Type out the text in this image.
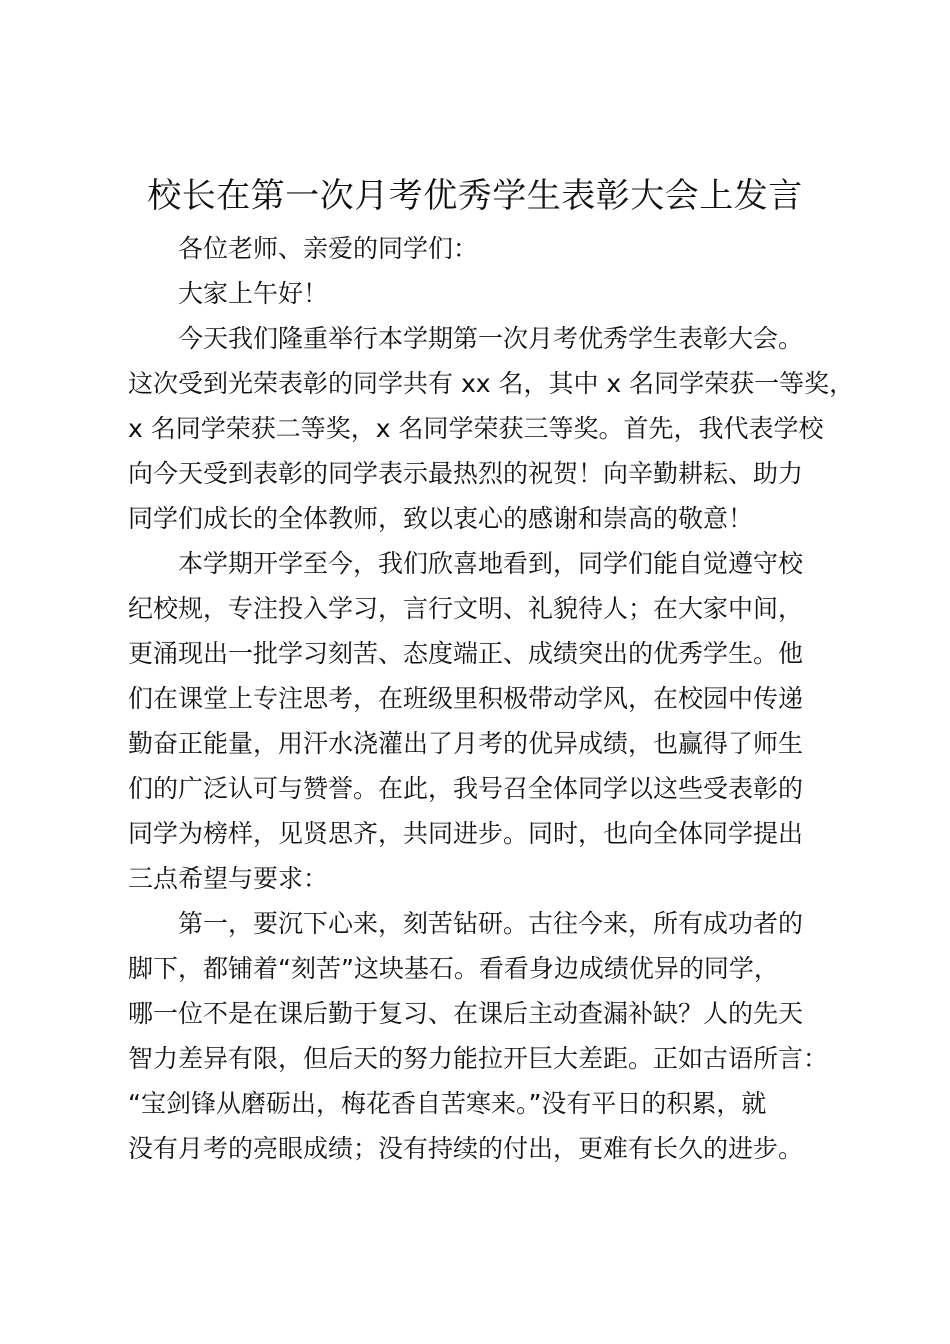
校长在第一次月考优秀学生表彰大会上发言
各位老师、亲爱的同学们：
大家上午好！
今天我们隆重举行本学期第一次月考优秀学生表彰大会。
这次受到光荣表彰的同学共有 xx 名，其中 x 名同学荣获一等奖，
x 名同学荣获二等奖，x 名同学荣获三等奖。首先，我代表学校
向今天受到表彰的同学表示最热烈的祝贺！向辛勤耕耘、助力
同学们成长的全体教师，致以衷心的感谢和崇高的敬意！
本学期开学至今，我们欣喜地看到，同学们能自觉遵守校
纪校规，专注投入学习，言行文明、礼貌待人；在大家中间，
更涌现出一批学习刻苦、态度端正、成绩突出的优秀学生。他
们在课堂上专注思考，在班级里积极带动学风，在校园中传递
勤奋正能量，用汗水浇灌出了月考的优异成绩，也赢得了师生
们的广泛认可与赞誉。在此，我号召全体同学以这些受表彰的
同学为榜样，见贤思齐，共同进步。同时，也向全体同学提出
三点希望与要求：
第一，要沉下心来，刻苦钻研。古往今来，所有成功者的
脚下，都铺着“刻苦”这块基石。看看身边成绩优异的同学，
哪一位不是在课后勤于复习、在课后主动查漏补缺？人的先天
智力差异有限，但后天的努力能拉开巨大差距。正如古语所言：
“宝剑锋从磨砺出，梅花香自苦寒来。”没有平日的积累，就
没有月考的亮眼成绩；没有持续的付出，更难有长久的进步。
